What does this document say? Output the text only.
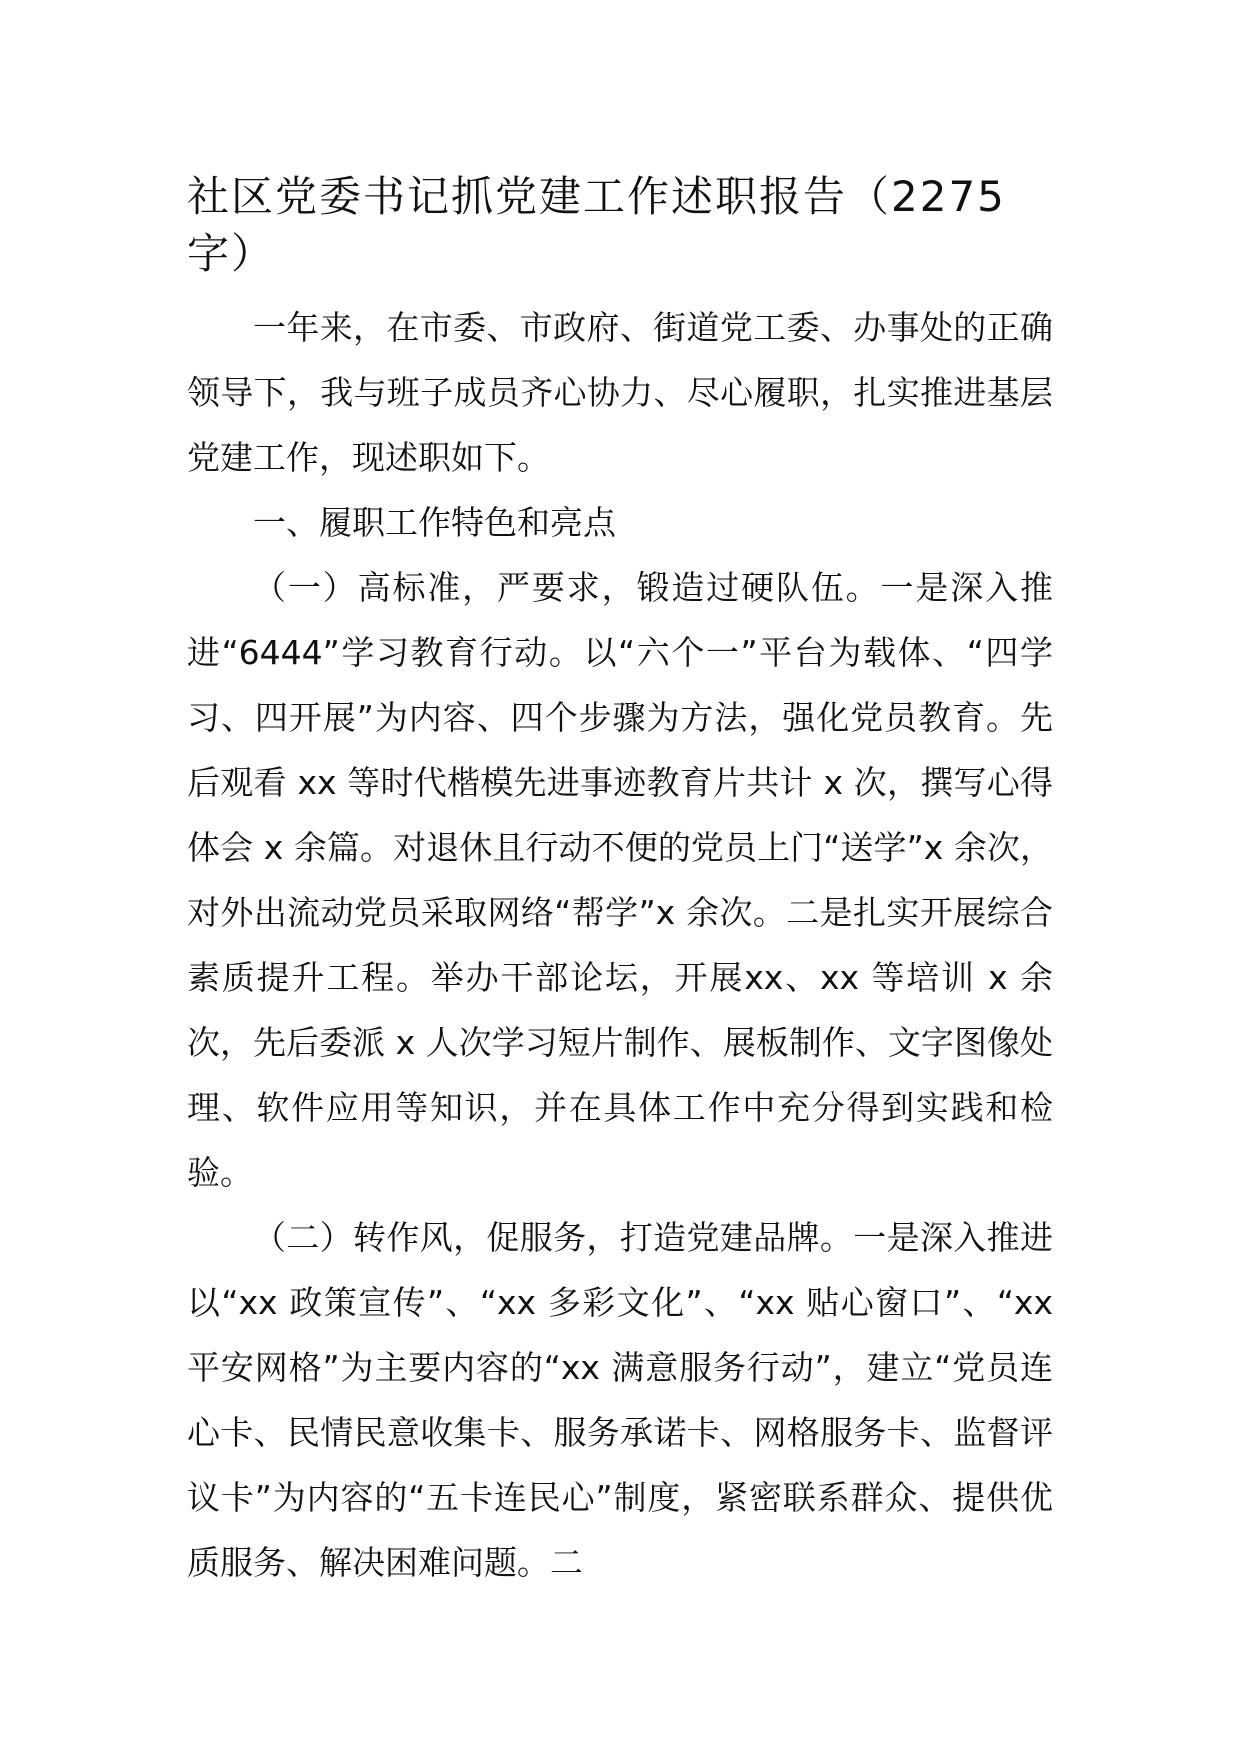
社区党委书记抓党建工作述职报告（2275字）

一年来，在市委、市政府、街道党工委、办事处的正确领导下，我与班子成员齐心协力、尽心履职，扎实推进基层党建工作，现述职如下。

一、履职工作特色和亮点

（一）高标准，严要求，锻造过硬队伍。一是深入推进“6444”学习教育行动。以“六个一”平台为载体、“四学习、四开展”为内容、四个步骤为方法，强化党员教育。先后观看 xx 等时代楷模先进事迹教育片共计 x 次，撰写心得体会 x 余篇。对退休且行动不便的党员上门“送学”x 余次，对外出流动党员采取网络“帮学”x 余次。二是扎实开展综合素质提升工程。举办干部论坛，开展xx、xx 等培训 x 余次，先后委派 x 人次学习短片制作、展板制作、文字图像处理、软件应用等知识，并在具体工作中充分得到实践和检验。

（二）转作风，促服务，打造党建品牌。一是深入推进以“xx 政策宣传”、“xx 多彩文化”、“xx 贴心窗口”、“xx 平安网格”为主要内容的“xx 满意服务行动”，建立“党员连心卡、民情民意收集卡、服务承诺卡、网格服务卡、监督评议卡”为内容的“五卡连民心”制度，紧密联系群众、提供优质服务、解决困难问题。二
